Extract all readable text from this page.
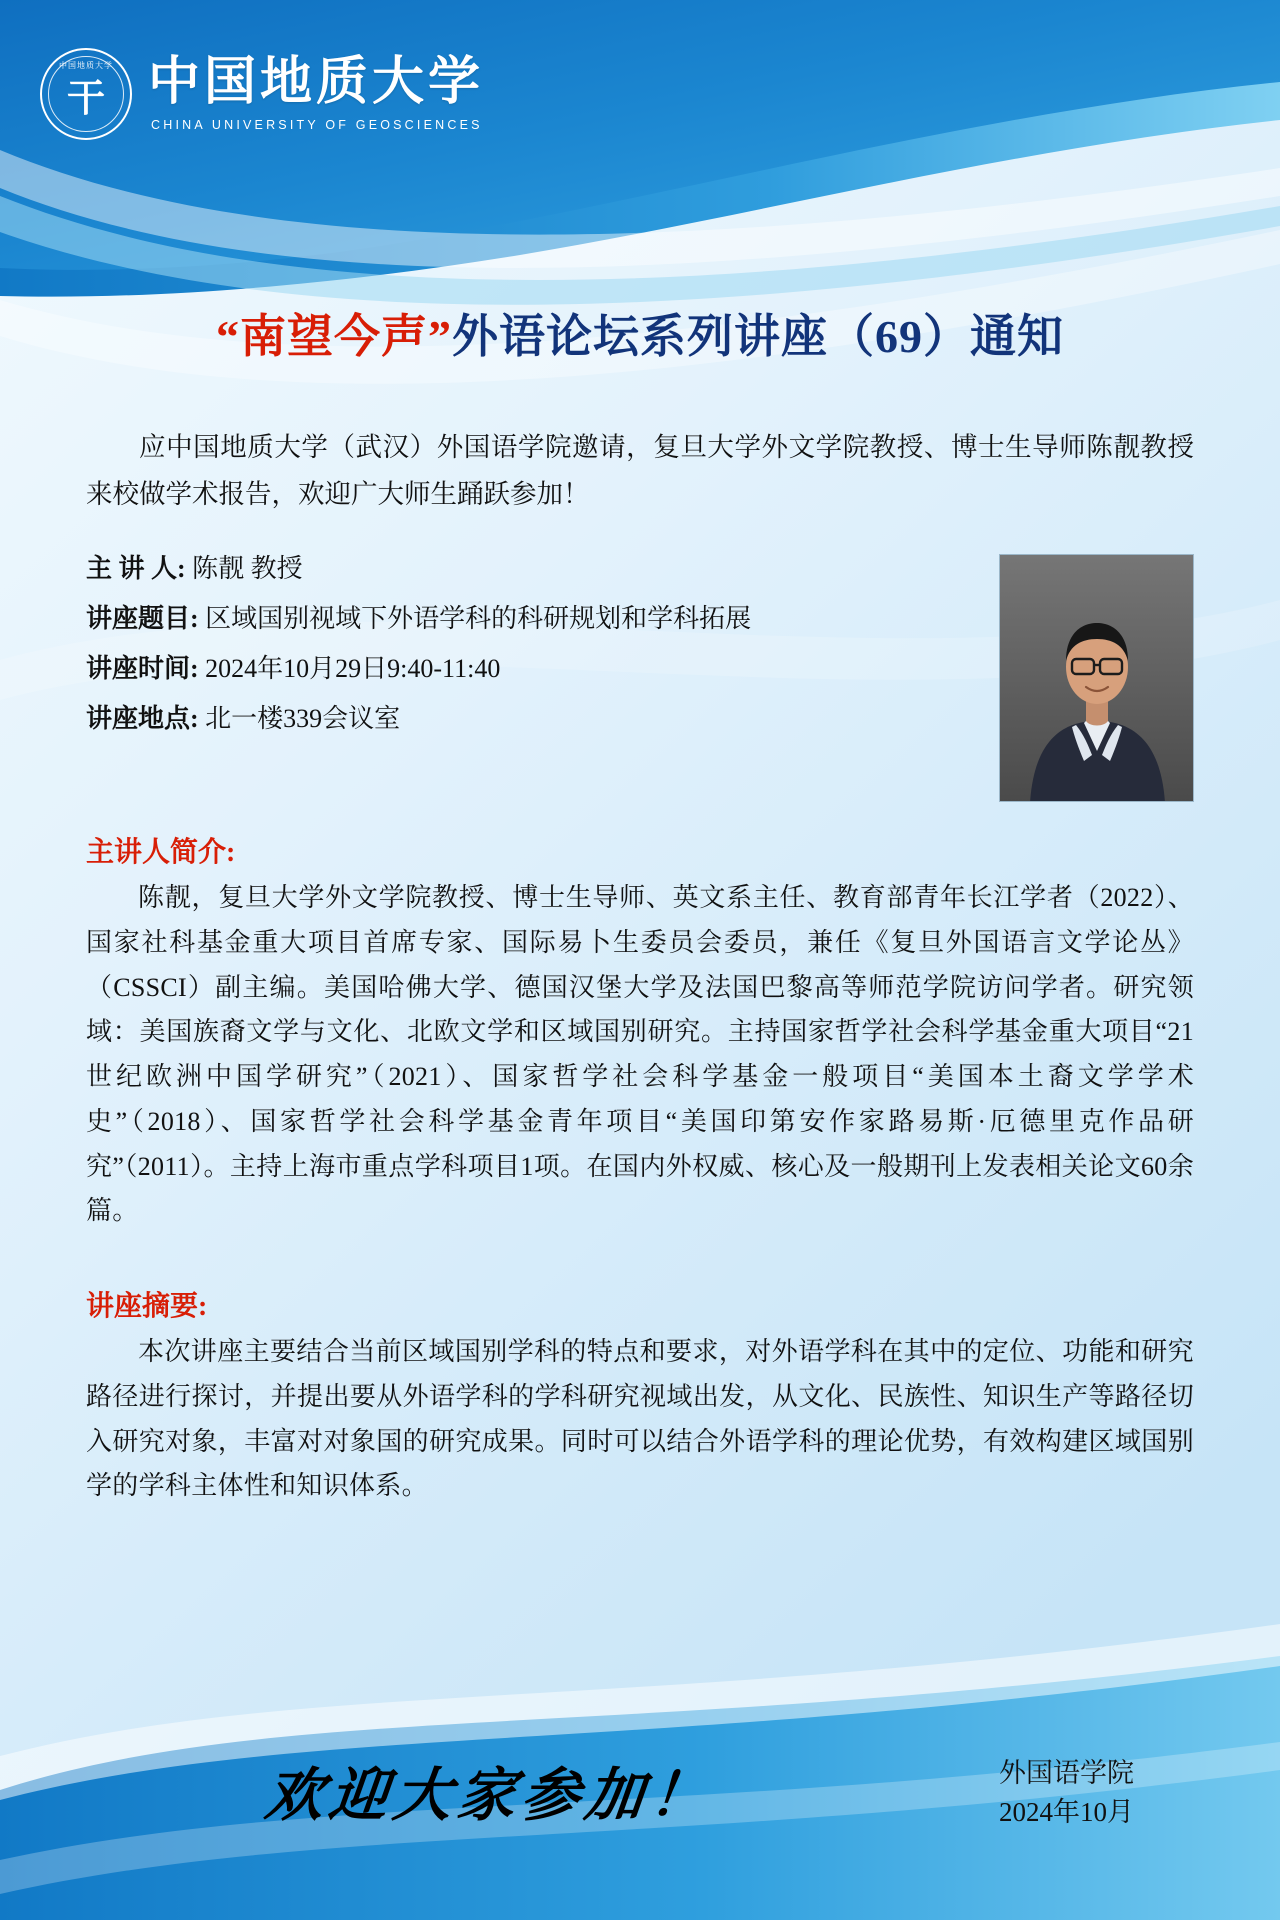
中国地质大学
干 中国地质大学
CHINA UNIVERSITY OF GEOSCIENCES
“南望今声”外语论坛系列讲座（69）通知

应中国地质大学（武汉）外国语学院邀请，复旦大学外文学院教授、博士生导师陈靓教授来校做学术报告，欢迎广大师生踊跃参加！

主 讲 人: 陈靓 教授
讲座题目: 区域国别视域下外语学科的科研规划和学科拓展
讲座时间: 2024年10月29日9:40-11:40
讲座地点: 北一楼339会议室
主讲人简介:

陈靓，复旦大学外文学院教授、博士生导师、英文系主任、教育部青年长江学者（2022）、国家社科基金重大项目首席专家、国际易卜生委员会委员，兼任《复旦外国语言文学论丛》（CSSCI）副主编。美国哈佛大学、德国汉堡大学及法国巴黎高等师范学院访问学者。研究领域：美国族裔文学与文化、北欧文学和区域国别研究。主持国家哲学社会科学基金重大项目“21世纪欧洲中国学研究”（2021）、国家哲学社会科学基金一般项目“美国本土裔文学学术史”（2018）、国家哲学社会科学基金青年项目“美国印第安作家路易斯·厄德里克作品研究”（2011）。主持上海市重点学科项目1项。在国内外权威、核心及一般期刊上发表相关论文60余篇。

讲座摘要:

本次讲座主要结合当前区域国别学科的特点和要求，对外语学科在其中的定位、功能和研究路径进行探讨，并提出要从外语学科的学科研究视域出发，从文化、民族性、知识生产等路径切入研究对象，丰富对对象国的研究成果。同时可以结合外语学科的理论优势，有效构建区域国别学的学科主体性和知识体系。

欢迎大家参加！	外国语学院
2024年10月
